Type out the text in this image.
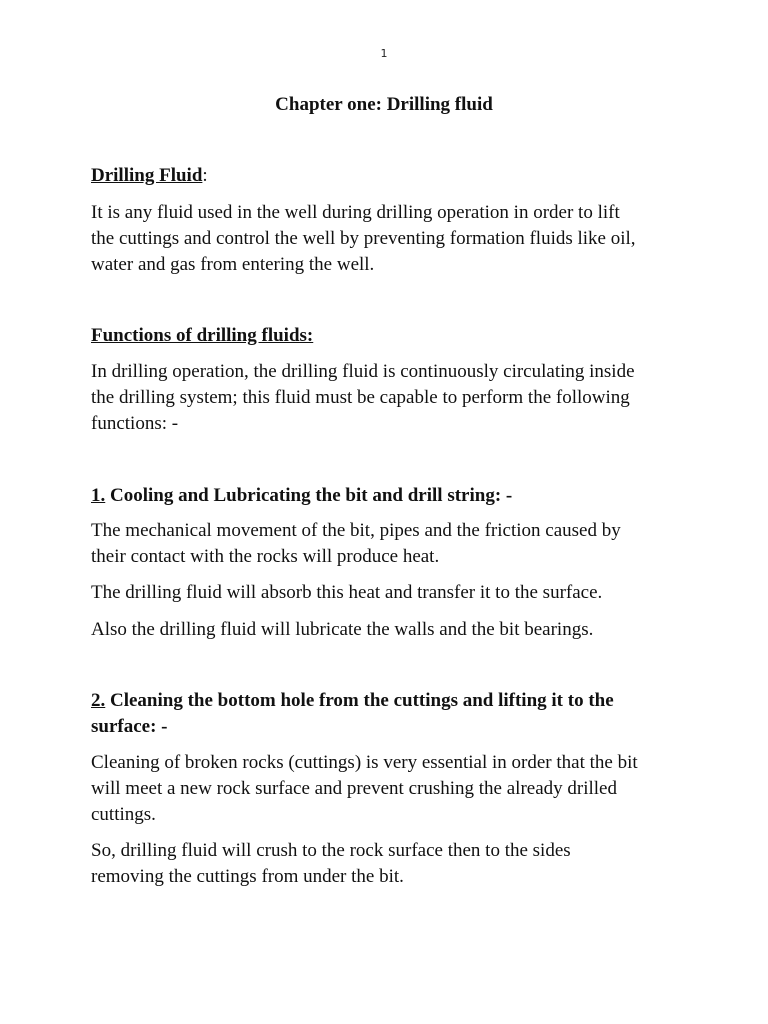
1
Chapter one: Drilling fluid

Drilling Fluid:

It is any fluid used in the well during drilling operation in order to lift
the cuttings and control the well by preventing formation fluids like oil,
water and gas from entering the well.

Functions of drilling fluids:

In drilling operation, the drilling fluid is continuously circulating inside
the drilling system; this fluid must be capable to perform the following
functions: -

1. Cooling and Lubricating the bit and drill string: -

The mechanical movement of the bit, pipes and the friction caused by
their contact with the rocks will produce heat.
The drilling fluid will absorb this heat and transfer it to the surface.
Also the drilling fluid will lubricate the walls and the bit bearings.

2. Cleaning the bottom hole from the cuttings and lifting it to the

surface: -

Cleaning of broken rocks (cuttings) is very essential in order that the bit
will meet a new rock surface and prevent crushing the already drilled
cuttings.
So, drilling fluid will crush to the rock surface then to the sides
removing the cuttings from under the bit.
